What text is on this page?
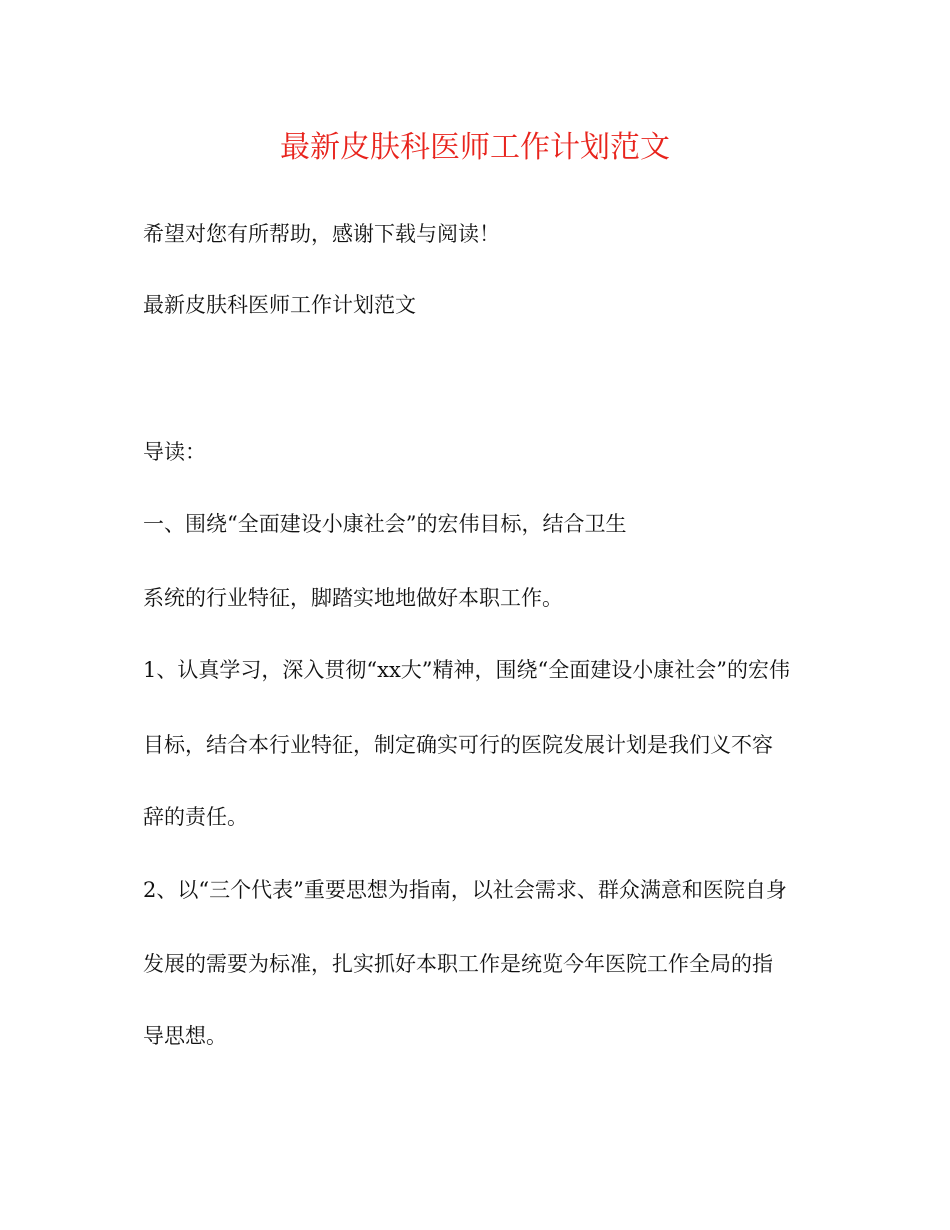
最新皮肤科医师工作计划范文
希望对您有所帮助，感谢下载与阅读！
最新皮肤科医师工作计划范文
导读：
一、围绕“全面建设小康社会”的宏伟目标，结合卫生
系统的行业特征，脚踏实地地做好本职工作。
1、认真学习，深入贯彻“xx大”精神，围绕“全面建设小康社会”的宏伟
目标，结合本行业特征，制定确实可行的医院发展计划是我们义不容
辞的责任。
2、以“三个代表”重要思想为指南，以社会需求、群众满意和医院自身
发展的需要为标准，扎实抓好本职工作是统览今年医院工作全局的指
导思想。
